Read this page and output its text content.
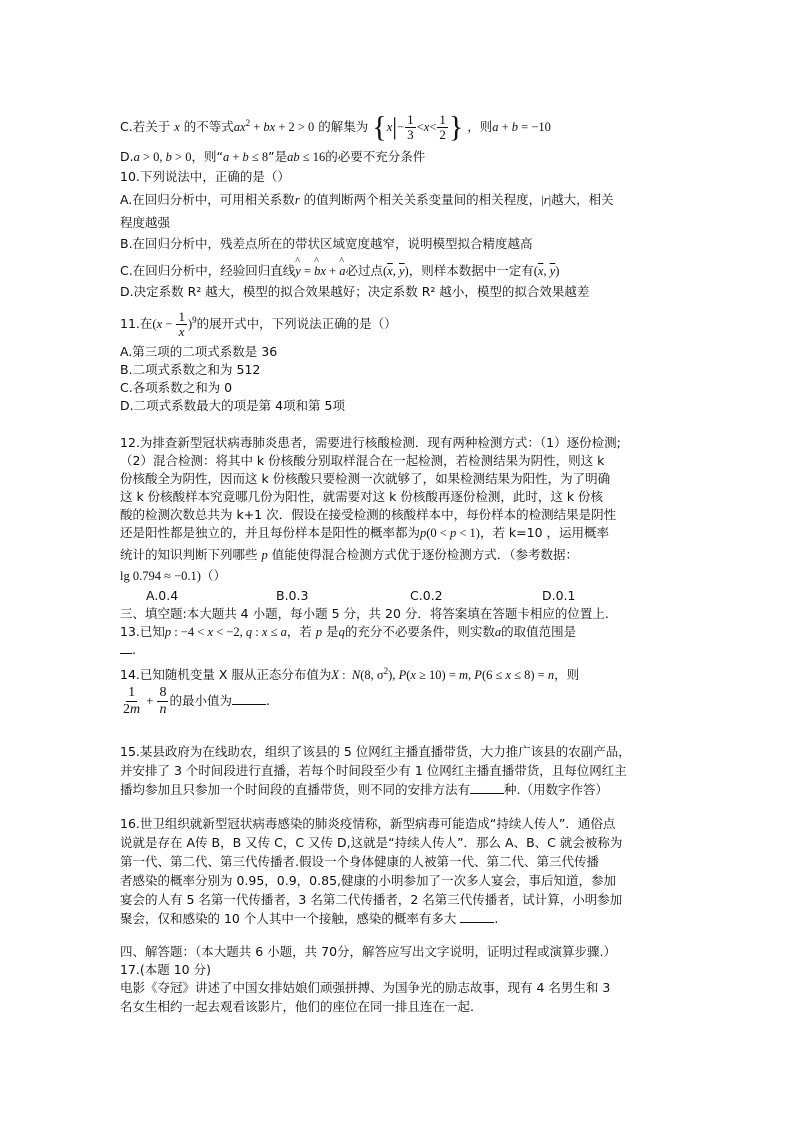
C.若关于 x 的不等式$ax^2$ + bx + 2 > 0 的解集为 {$x|- \frac{1}{3} <x< \frac{1}{2}$ } ，则a + b = −10
D.a > 0, b > 0，则“a + b ≤ 8”是ab ≤ 16的必要不充分条件
10.下列说法中，正确的是（）
A.在回归分析中，可用相关系数r 的值判断两个相关关系变量间的相关程度，|r|越大，相关
程度越强
B.在回归分析中，残差点所在的带状区域宽度越窄，说明模型拟合精度越高
C.在回归分析中，经验回归直线^ y = ^ bx + ^ a必过点($\overline{x}$, $\overline{y}$)，则样本数据中一定有($\overline{x}$, $\overline{y}$)
D.决定系数 R² 越大，模型的拟合效果越好；决定系数 R² 越小，模型的拟合效果越差
11.在$(x - \frac{1}{x} )^9$的展开式中，下列说法正确的是（）
A.第三项的二项式系数是 36
B.二项式系数之和为 512
C.各项系数之和为 0
D.二项式系数最大的项是第 4项和第 5项
12.为排查新型冠状病毒肺炎患者，需要进行核酸检测．现有两种检测方式：（1）逐份检测;
（2）混合检测：将其中 k 份核酸分别取样混合在一起检测，若检测结果为阴性，则这 k
份核酸全为阴性，因而这 k 份核酸只要检测一次就够了，如果检测结果为阳性，为了明确
这 k 份核酸样本究竟哪几份为阳性，就需要对这 k 份核酸再逐份检测，此时，这 k 份核
酸的检测次数总共为 k+1 次．假设在接受检测的核酸样本中，每份样本的检测结果是阴性
还是阳性都是独立的，并且每份样本是阳性的概率都为p(0 < p < 1)，若 k=10 ，运用概率
统计的知识判断下列哪些 p 值能使得混合检测方式优于逐份检测方式．（参考数据：
lg 0.794 ≈ −0.1)（）
A.0.4	B.0.3	C.0.2	D.0.1
三、填空题:本大题共 4 小题，每小题 5 分，共 20 分．将答案填在答题卡相应的位置上.
13.已知p : −4 < x < −2, q : x ≤ a，若 p 是q的充分不必要条件，则实数a的取值范围是
.
14.已知随机变量 X 服从正态分布值为X :  N(8, $\sigma^2$), P(x ≥ 10) = m, P(6 ≤ x ≤ 8) = n，则
$\frac{1}{2m} + \frac{8}{n}$ 的最小值为	.
15.某县政府为在线助农，组织了该县的 5 位网红主播直播带货，大力推广该县的农副产品，
并安排了 3 个时间段进行直播，若每个时间段至少有 1 位网红主播直播带货，且每位网红主
播均参加且只参加一个时间段的直播带货，则不同的安排方法有	种.（用数字作答）
16.世卫组织就新型冠状病毒感染的肺炎疫情称，新型病毒可能造成“持续人传人”．通俗点
说就是存在 A传 B，B 又传 C，C 又传 D,这就是“持续人传人”．那么 A、B、C 就会被称为
第一代、第二代、第三代传播者.假设一个身体健康的人被第一代、第二代、第三代传播
者感染的概率分别为 0.95，0.9，0.85,健康的小明参加了一次多人宴会，事后知道，参加
宴会的人有 5 名第一代传播者，3 名第二代传播者，2 名第三代传播者，试计算，小明参加
聚会，仅和感染的 10 个人其中一个接触，感染的概率有多大	.
四、解答题：（本大题共 6 小题，共 70分，解答应写出文字说明，证明过程或演算步骤.）
17.(本题 10 分)
电影《夺冠》讲述了中国女排姑娘们顽强拼搏、为国争光的励志故事，现有 4 名男生和 3
名女生相约一起去观看该影片，他们的座位在同一排且连在一起.
